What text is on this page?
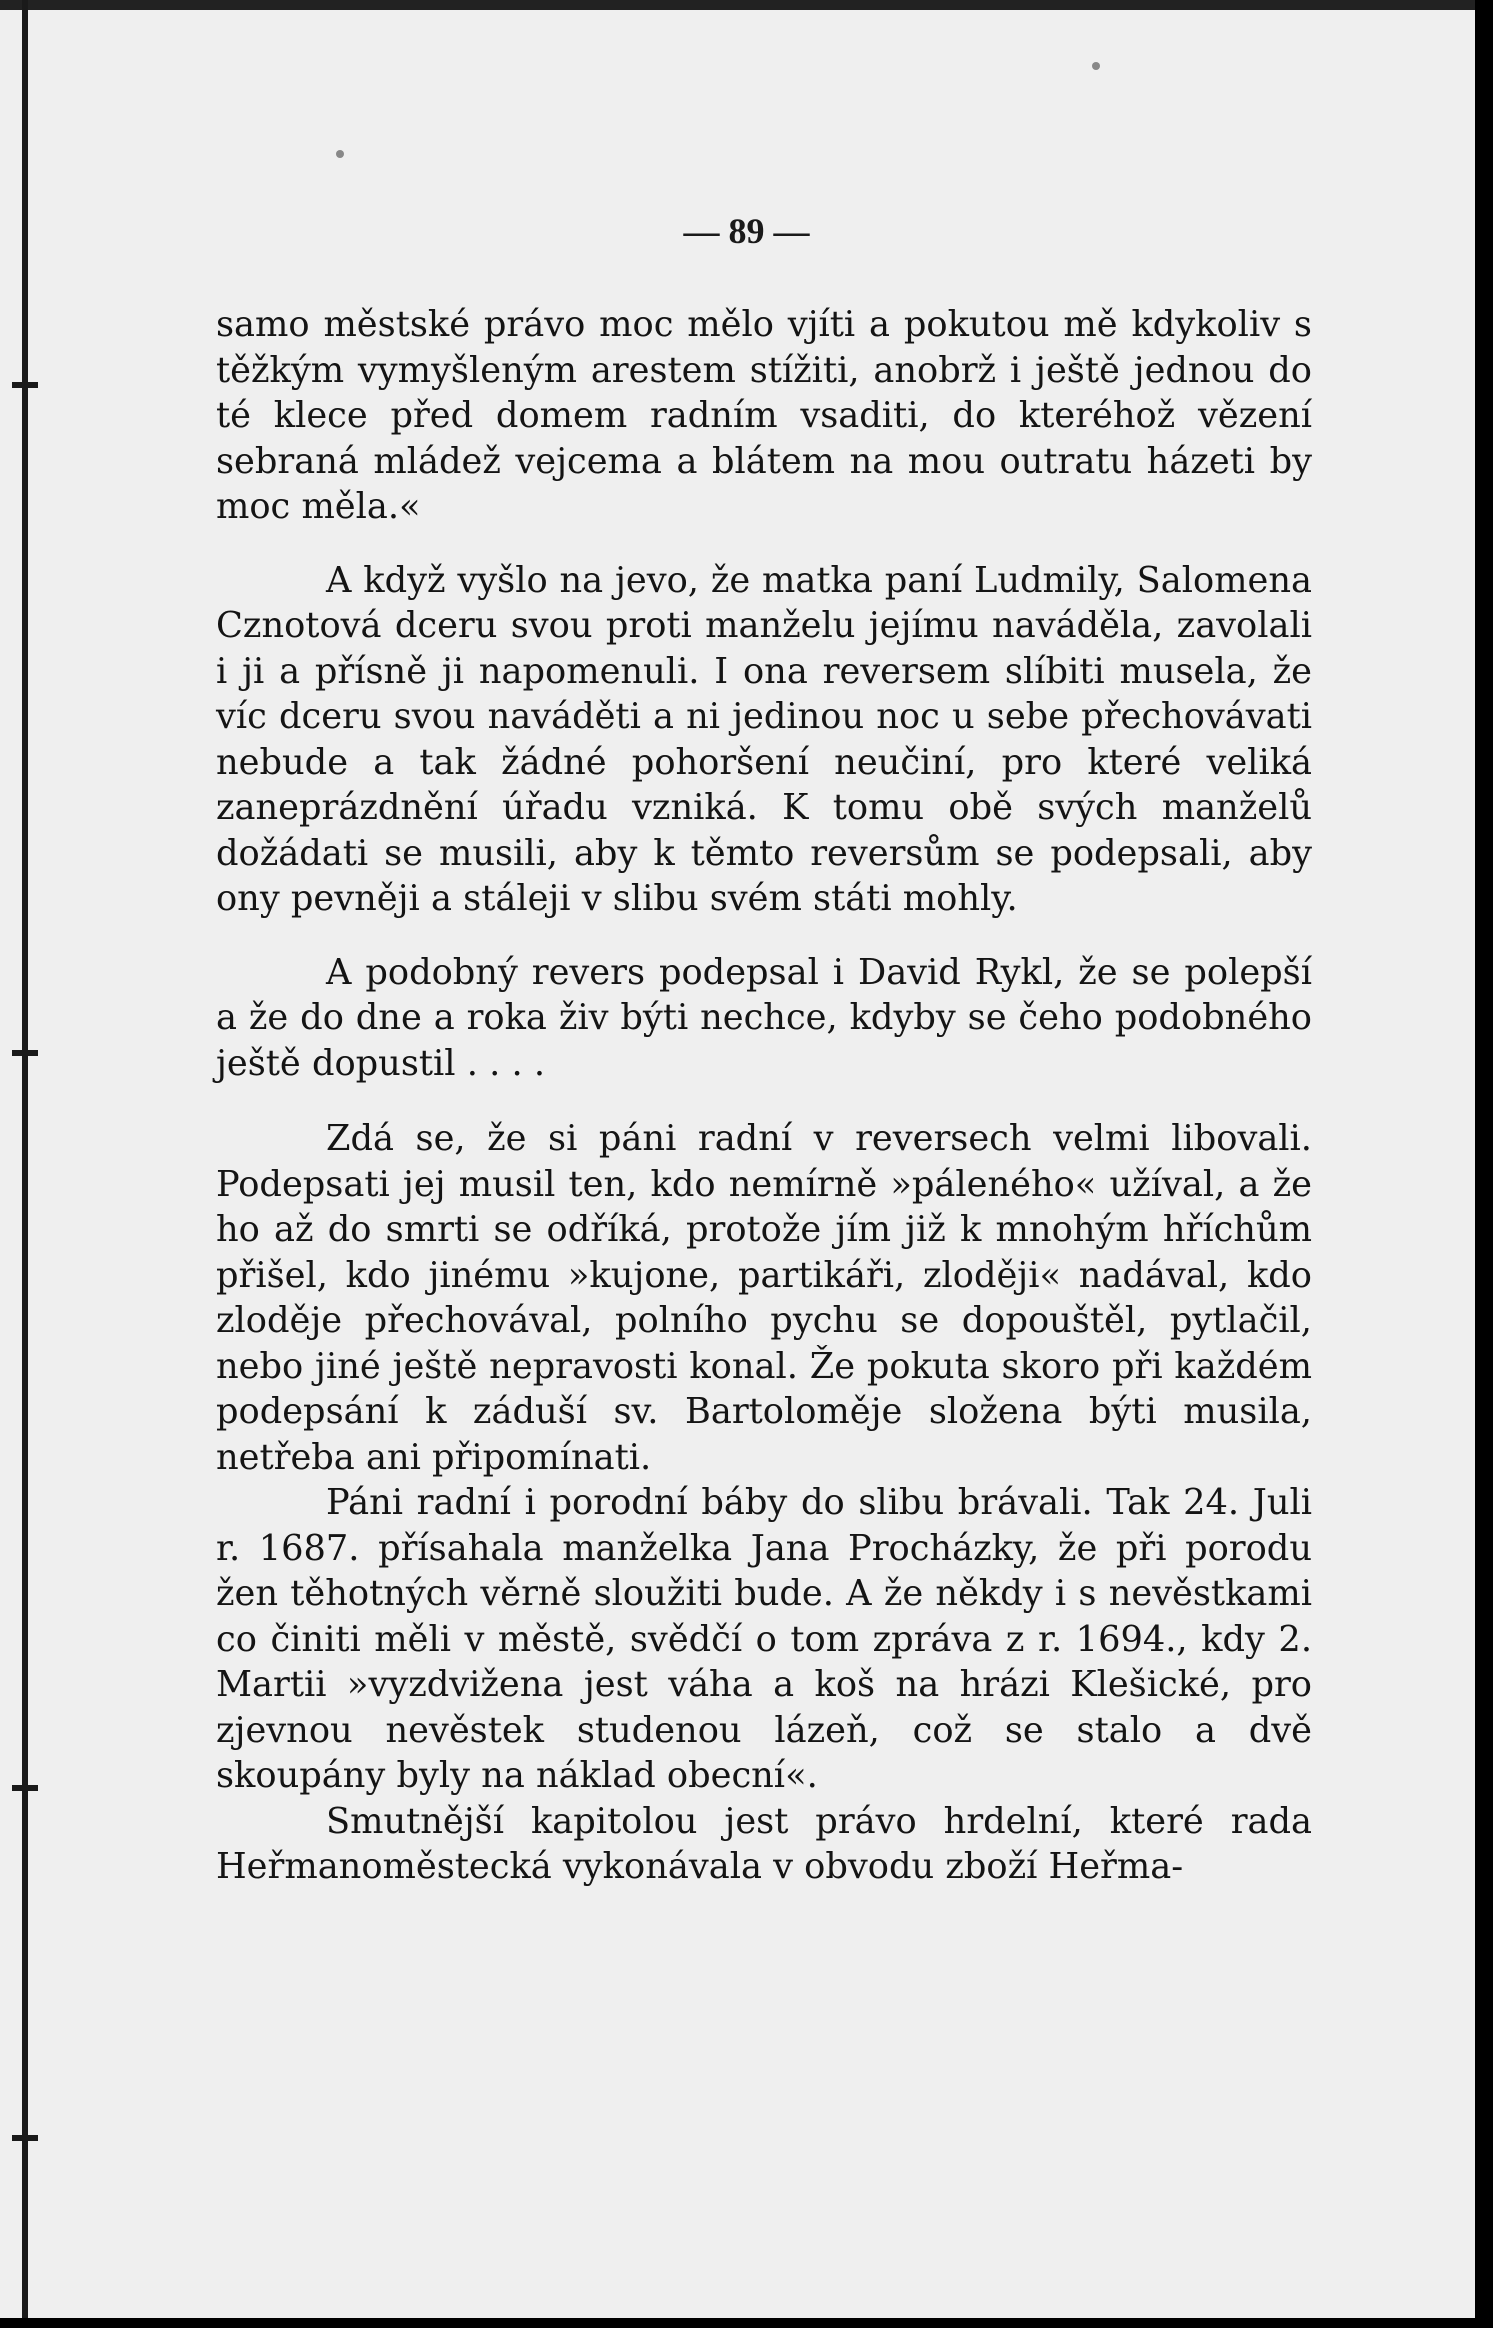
— 89 —

samo městské právo moc mělo vjíti a pokutou mě kdykoliv s těžkým vymyšleným arestem stížiti, anobrž i ještě jednou do té klece před domem radním vsaditi, do kteréhož vězení sebraná mládež vejcema a blátem na mou outratu házeti by moc měla.«

A když vyšlo na jevo, že matka paní Ludmily, Salomena Cznotová dceru svou proti manželu jejímu naváděla, zavolali i ji a přísně ji napomenuli. I ona reversem slíbiti musela, že víc dceru svou naváděti a ni jedinou noc u sebe přechovávati nebude a tak žádné pohoršení neučiní, pro které veliká zaneprázdnění úřadu vzniká. K tomu obě svých manželů dožádati se musili, aby k těmto reversům se podepsali, aby ony pevněji a stáleji v slibu svém státi mohly.

A podobný revers podepsal i David Rykl, že se polepší a že do dne a roka živ býti nechce, kdyby se čeho podobného ještě dopustil . . . .

Zdá se, že si páni radní v reversech velmi libovali. Podepsati jej musil ten, kdo nemírně »páleného« užíval, a že ho až do smrti se odříká, protože jím již k mnohým hříchům přišel, kdo jinému »kujone, partikáři, zloději« nadával, kdo zloděje přechovával, polního pychu se dopouštěl, pytlačil, nebo jiné ještě nepravosti konal. Že pokuta skoro při každém podepsání k záduší sv. Bartoloměje složena býti musila, netřeba ani připomínati.

Páni radní i porodní báby do slibu brávali. Tak 24. Juli r. 1687. přísahala manželka Jana Procházky, že při porodu žen těhotných věrně sloužiti bude. A že někdy i s nevěstkami co činiti měli v městě, svědčí o tom zpráva z r. 1694., kdy 2. Martii »vyzdvižena jest váha a koš na hrázi Klešické, pro zjevnou nevěstek studenou lázeň, což se stalo a dvě skoupány byly na náklad obecní«.

Smutnější kapitolou jest právo hrdelní, které rada Heřmanoměstecká vykonávala v obvodu zboží Heřma-
